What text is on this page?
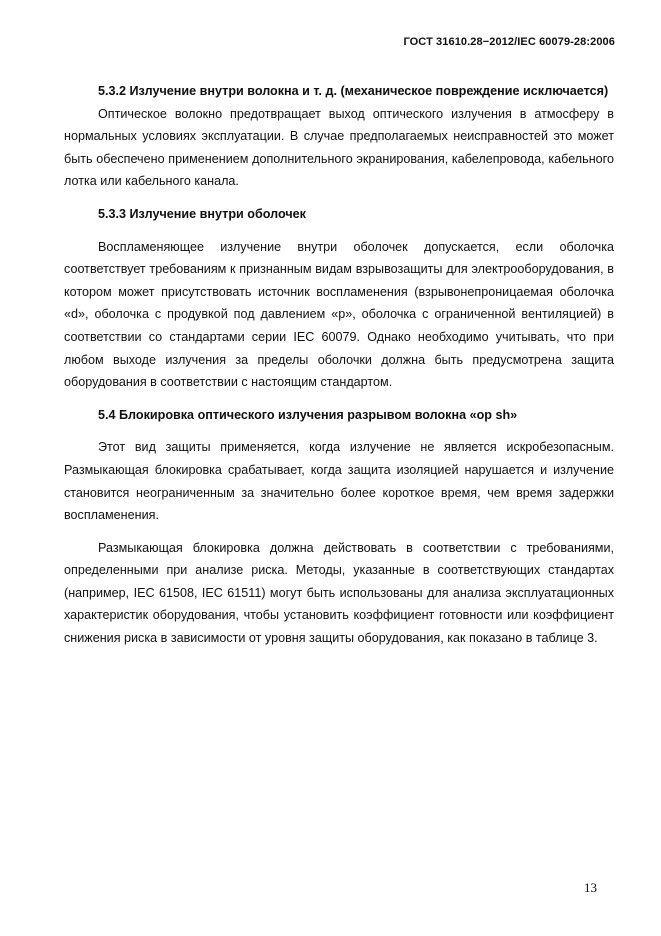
ГОСТ 31610.28−2012/IEC 60079-28:2006

5.3.2 Излучение внутри волокна и т. д. (механическое повреждение исключается)

Оптическое волокно предотвращает выход оптического излучения в атмосферу в нормальных условиях эксплуатации. В случае предполагаемых неисправностей это может быть обеспечено применением дополнительного экранирования, кабелепровода, кабельного лотка или кабельного канала.

5.3.3 Излучение внутри оболочек

Воспламеняющее излучение внутри оболочек допускается, если оболочка соответствует требованиям к признанным видам взрывозащиты для электрооборудования, в котором может присутствовать источник воспламенения (взрывонепроницаемая оболочка «d», оболочка с продувкой под давлением «р», оболочка с ограниченной вентиляцией) в соответствии со стандартами серии IEC 60079. Однако необходимо учитывать, что при любом выходе излучения за пределы оболочки должна быть предусмотрена защита оборудования в соответствии с настоящим стандартом.

5.4 Блокировка оптического излучения разрывом волокна «op sh»

Этот вид защиты применяется, когда излучение не является искробезопасным. Размыкающая блокировка срабатывает, когда защита изоляцией нарушается и излучение становится неограниченным за значительно более короткое время, чем время задержки воспламенения.

Размыкающая блокировка должна действовать в соответствии с требованиями, определенными при анализе риска. Методы, указанные в соответствующих стандартах (например, IEC 61508, IEC 61511) могут быть использованы для анализа эксплуатационных характеристик оборудования, чтобы установить коэффициент готовности или коэффициент снижения риска в зависимости от уровня защиты оборудования, как показано в таблице 3.

13
